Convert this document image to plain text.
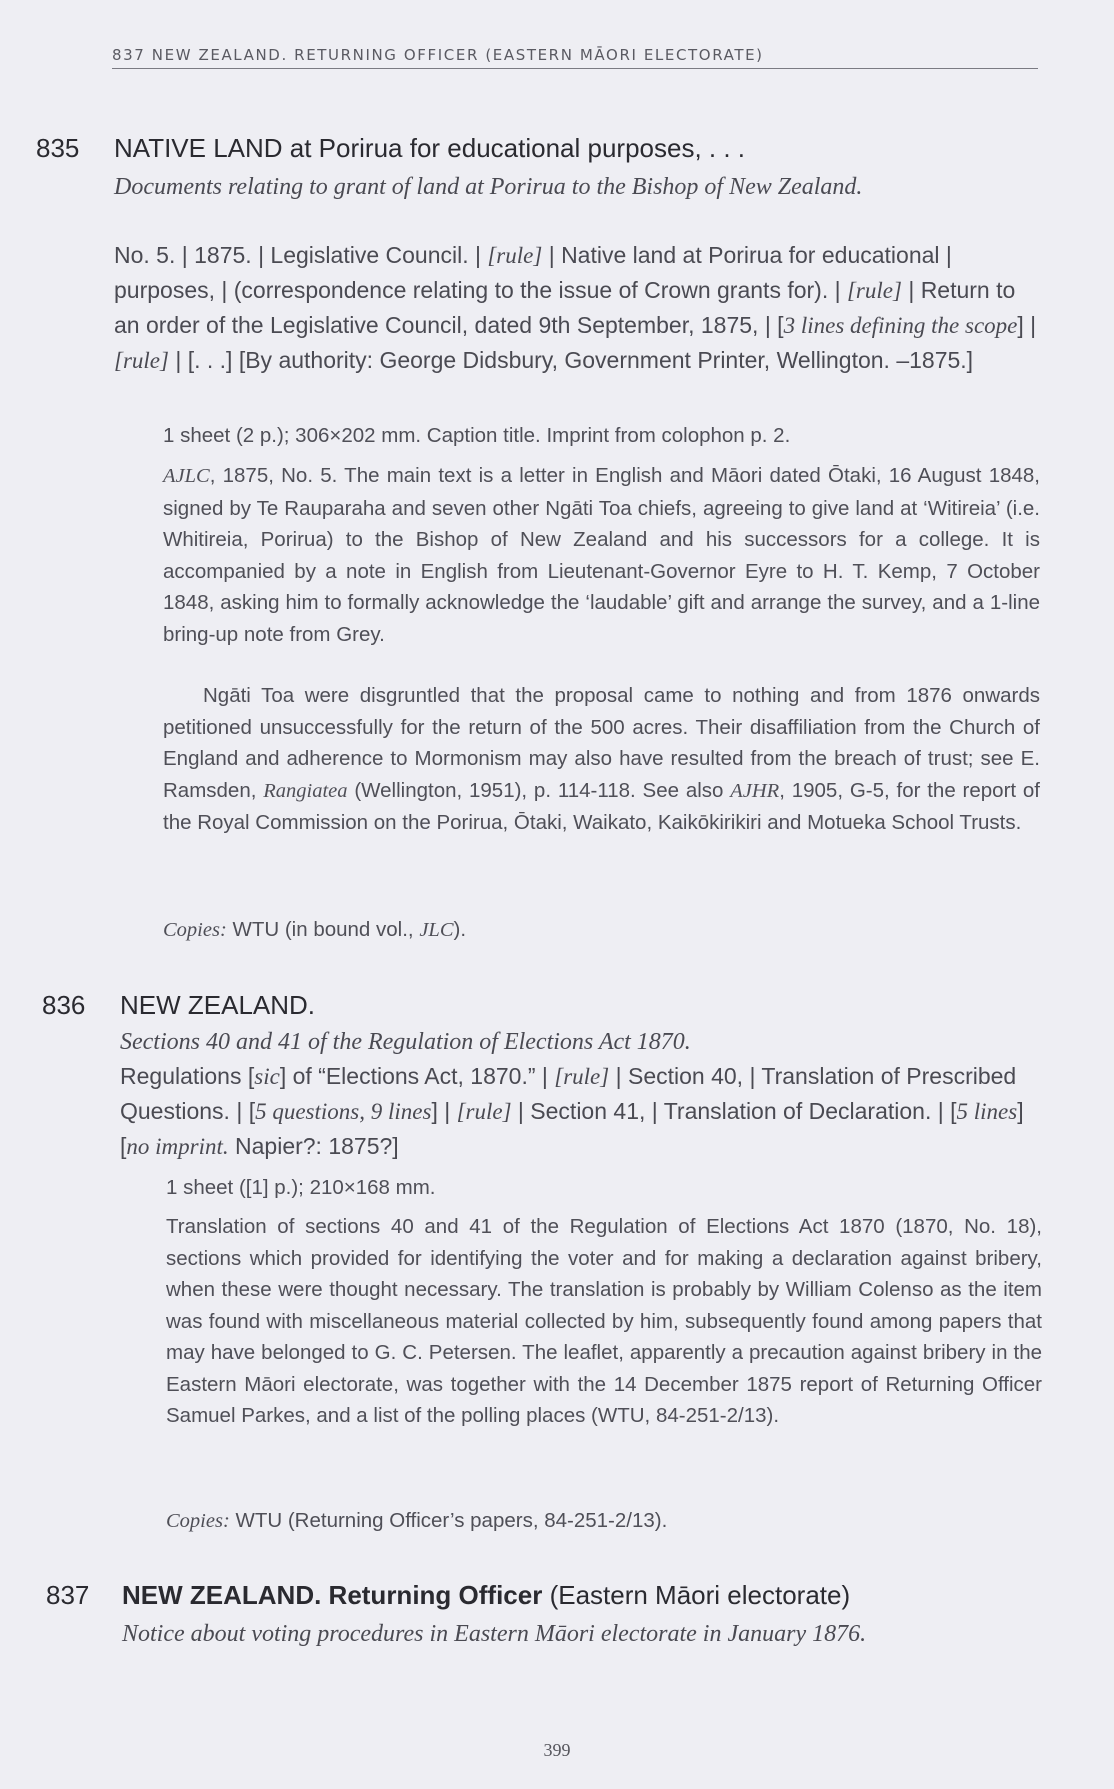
837 NEW ZEALAND. RETURNING OFFICER (EASTERN MĀORI ELECTORATE)
835 NATIVE LAND at Porirua for educational purposes, . . .
Documents relating to grant of land at Porirua to the Bishop of New Zealand.
No. 5. | 1875. | Legislative Council. | [rule] | Native land at Porirua for educational | purposes, | (correspondence relating to the issue of Crown grants for). | [rule] | Return to an order of the Legislative Council, dated 9th September, 1875, | [3 lines defining the scope] | [rule] | [. . .] [By authority: George Didsbury, Government Printer, Wellington. –1875.]
1 sheet (2 p.); 306×202 mm. Caption title. Imprint from colophon p. 2.
AJLC, 1875, No. 5. The main text is a letter in English and Māori dated Ōtaki, 16 August 1848, signed by Te Rauparaha and seven other Ngāti Toa chiefs, agreeing to give land at ‘Witireia’ (i.e. Whitireia, Porirua) to the Bishop of New Zealand and his successors for a college. It is accompanied by a note in English from Lieutenant-Governor Eyre to H. T. Kemp, 7 October 1848, asking him to formally acknowledge the ‘laudable’ gift and arrange the survey, and a 1-line bring-up note from Grey.
Ngāti Toa were disgruntled that the proposal came to nothing and from 1876 onwards petitioned unsuccessfully for the return of the 500 acres. Their disaffiliation from the Church of England and adherence to Mormonism may also have resulted from the breach of trust; see E. Ramsden, Rangiatea (Wellington, 1951), p. 114-118. See also AJHR, 1905, G-5, for the report of the Royal Commission on the Porirua, Ōtaki, Waikato, Kaikōkirikiri and Motueka School Trusts.
Copies: WTU (in bound vol., JLC).
836 NEW ZEALAND.
Sections 40 and 41 of the Regulation of Elections Act 1870.
Regulations [sic] of “Elections Act, 1870.” | [rule] | Section 40, | Translation of Prescribed Questions. | [5 questions, 9 lines] | [rule] | Section 41, | Translation of Declaration. | [5 lines] [no imprint. Napier?: 1875?]
1 sheet ([1] p.); 210×168 mm.
Translation of sections 40 and 41 of the Regulation of Elections Act 1870 (1870, No. 18), sections which provided for identifying the voter and for making a declaration against bribery, when these were thought necessary. The translation is probably by William Colenso as the item was found with miscellaneous material collected by him, subsequently found among papers that may have belonged to G. C. Petersen. The leaflet, apparently a precaution against bribery in the Eastern Māori electorate, was together with the 14 December 1875 report of Returning Officer Samuel Parkes, and a list of the polling places (WTU, 84-251-2/13).
Copies: WTU (Returning Officer’s papers, 84-251-2/13).
837 NEW ZEALAND. Returning Officer (Eastern Māori electorate)
Notice about voting procedures in Eastern Māori electorate in January 1876.
399
